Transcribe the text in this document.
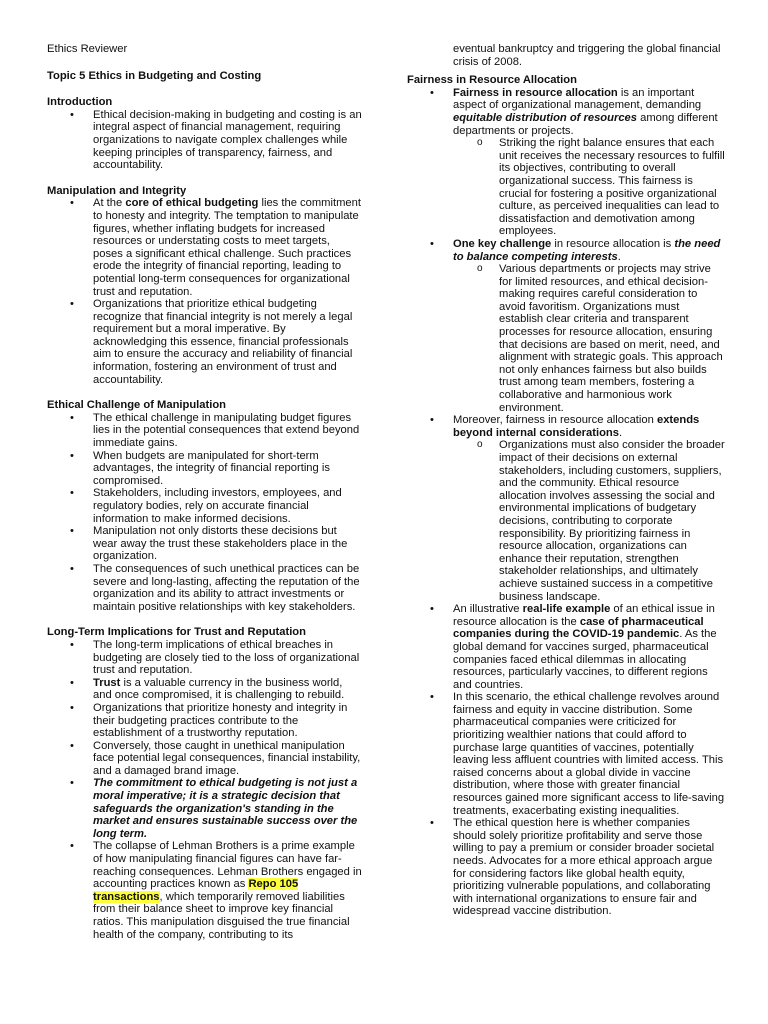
Ethics Reviewer

Topic 5 Ethics in Budgeting and Costing

Introduction

• Ethical decision-making in budgeting and costing is an integral aspect of financial management, requiring organizations to navigate complex challenges while keeping principles of transparency, fairness, and accountability.

Manipulation and Integrity

• At the core of ethical budgeting lies the commitment to honesty and integrity. The temptation to manipulate figures, whether inflating budgets for increased resources or understating costs to meet targets, poses a significant ethical challenge. Such practices erode the integrity of financial reporting, leading to potential long-term consequences for organizational trust and reputation.
• Organizations that prioritize ethical budgeting recognize that financial integrity is not merely a legal requirement but a moral imperative. By acknowledging this essence, financial professionals aim to ensure the accuracy and reliability of financial information, fostering an environment of trust and accountability.

Ethical Challenge of Manipulation

• The ethical challenge in manipulating budget figures lies in the potential consequences that extend beyond immediate gains.
• When budgets are manipulated for short-term advantages, the integrity of financial reporting is compromised.
• Stakeholders, including investors, employees, and regulatory bodies, rely on accurate financial information to make informed decisions.
• Manipulation not only distorts these decisions but wear away the trust these stakeholders place in the organization.
• The consequences of such unethical practices can be severe and long-lasting, affecting the reputation of the organization and its ability to attract investments or maintain positive relationships with key stakeholders.

Long-Term Implications for Trust and Reputation

• The long-term implications of ethical breaches in budgeting are closely tied to the loss of organizational trust and reputation.
• Trust is a valuable currency in the business world, and once compromised, it is challenging to rebuild.
• Organizations that prioritize honesty and integrity in their budgeting practices contribute to the establishment of a trustworthy reputation.
• Conversely, those caught in unethical manipulation face potential legal consequences, financial instability, and a damaged brand image.
• The commitment to ethical budgeting is not just a moral imperative; it is a strategic decision that safeguards the organization's standing in the market and ensures sustainable success over the long term.
• The collapse of Lehman Brothers is a prime example of how manipulating financial figures can have far-reaching consequences. Lehman Brothers engaged in accounting practices known as Repo 105 transactions, which temporarily removed liabilities from their balance sheet to improve key financial ratios. This manipulation disguised the true financial health of the company, contributing to its
eventual bankruptcy and triggering the global financial crisis of 2008.

Fairness in Resource Allocation

• Fairness in resource allocation is an important aspect of organizational management, demanding equitable distribution of resources among different departments or projects.
o Striking the right balance ensures that each unit receives the necessary resources to fulfill its objectives, contributing to overall organizational success. This fairness is crucial for fostering a positive organizational culture, as perceived inequalities can lead to dissatisfaction and demotivation among employees.
• One key challenge in resource allocation is the need to balance competing interests.
o Various departments or projects may strive for limited resources, and ethical decision-making requires careful consideration to avoid favoritism. Organizations must establish clear criteria and transparent processes for resource allocation, ensuring that decisions are based on merit, need, and alignment with strategic goals. This approach not only enhances fairness but also builds trust among team members, fostering a collaborative and harmonious work environment.
• Moreover, fairness in resource allocation extends beyond internal considerations.
o Organizations must also consider the broader impact of their decisions on external stakeholders, including customers, suppliers, and the community. Ethical resource allocation involves assessing the social and environmental implications of budgetary decisions, contributing to corporate responsibility. By prioritizing fairness in resource allocation, organizations can enhance their reputation, strengthen stakeholder relationships, and ultimately achieve sustained success in a competitive business landscape.
• An illustrative real-life example of an ethical issue in resource allocation is the case of pharmaceutical companies during the COVID-19 pandemic. As the global demand for vaccines surged, pharmaceutical companies faced ethical dilemmas in allocating resources, particularly vaccines, to different regions and countries.
• In this scenario, the ethical challenge revolves around fairness and equity in vaccine distribution. Some pharmaceutical companies were criticized for prioritizing wealthier nations that could afford to purchase large quantities of vaccines, potentially leaving less affluent countries with limited access. This raised concerns about a global divide in vaccine distribution, where those with greater financial resources gained more significant access to life-saving treatments, exacerbating existing inequalities.
• The ethical question here is whether companies should solely prioritize profitability and serve those willing to pay a premium or consider broader societal needs. Advocates for a more ethical approach argue for considering factors like global health equity, prioritizing vulnerable populations, and collaborating with international organizations to ensure fair and widespread vaccine distribution.
